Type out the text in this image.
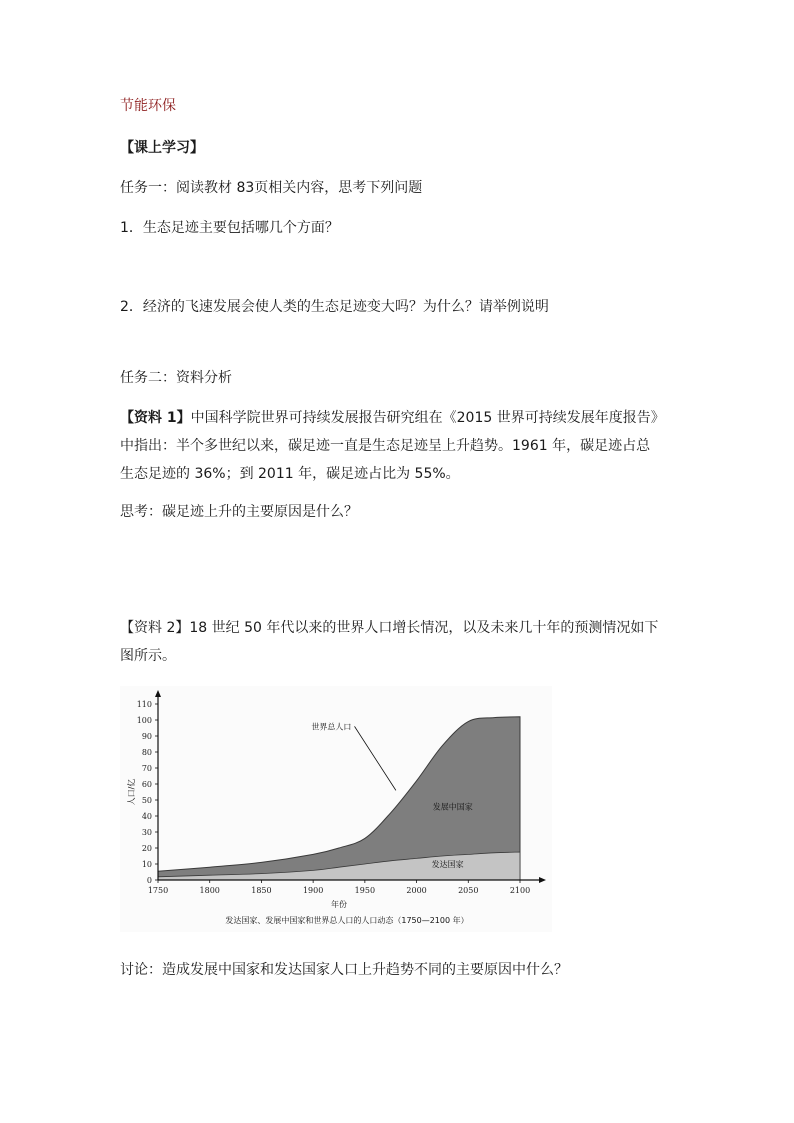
节能环保
【课上学习】
任务一：阅读教材 83页相关内容，思考下列问题
1．生态足迹主要包括哪几个方面？
2．经济的飞速发展会使人类的生态足迹变大吗？为什么？请举例说明
任务二：资料分析
【资料 1】中国科学院世界可持续发展报告研究组在《2015 世界可持续发展年度报告》中指出：半个多世纪以来，碳足迹一直是生态足迹呈上升趋势。1961 年，碳足迹占总生态足迹的 36%；到 2011 年，碳足迹占比为 55%。
思考：碳足迹上升的主要原因是什么？
【资料 2】18 世纪 50 年代以来的世界人口增长情况，以及未来几十年的预测情况如下图所示。
0
10
20
30
40
50
60
70
80
90
100
110
1750	1800	1850	1900	1950	2000	2050	2100
人口/亿
年份
世界总人口
发展中国家
发达国家
发达国家、发展中国家和世界总人口的人口动态（1750—2100 年）
讨论：造成发展中国家和发达国家人口上升趋势不同的主要原因中什么？
